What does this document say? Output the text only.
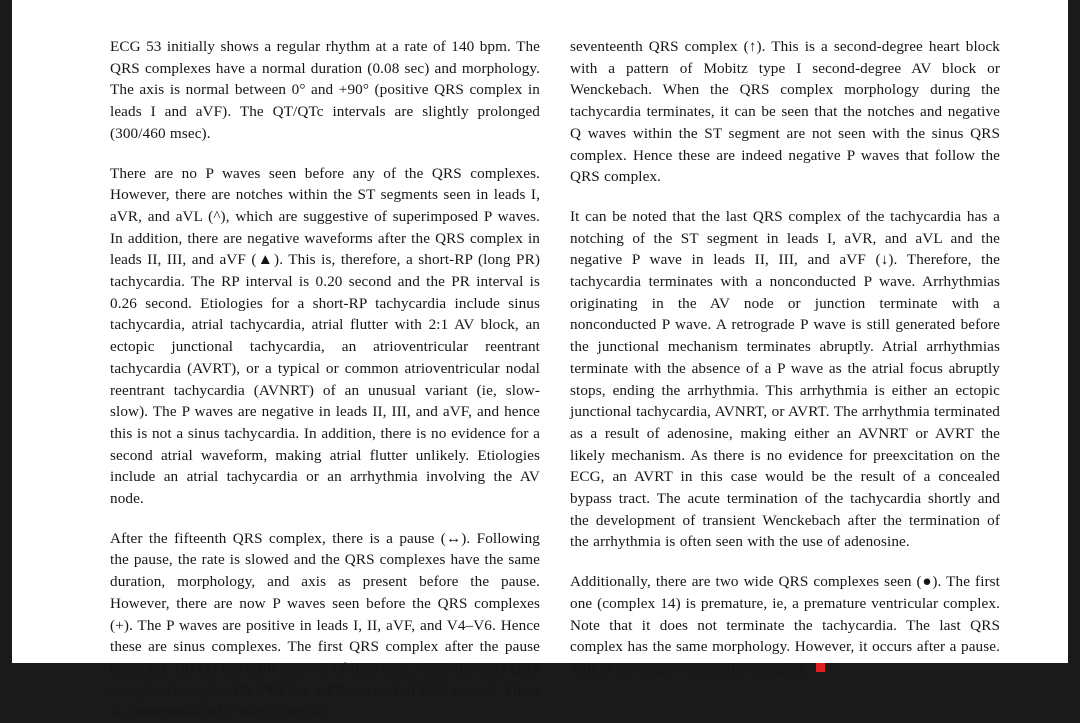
ECG 53 initially shows a regular rhythm at a rate of 140 bpm. The QRS complexes have a normal duration (0.08 sec) and morphology. The axis is normal between 0° and +90° (positive QRS complex in leads I and aVF). The QT/QTc intervals are slightly prolonged (300/460 msec).

There are no P waves seen before any of the QRS complexes. However, there are notches within the ST segments seen in leads I, aVR, and aVL (^), which are suggestive of superimposed P waves. In addition, there are negative waveforms after the QRS complex in leads II, III, and aVF (▲). This is, therefore, a short-RP (long PR) tachycardia. The RP interval is 0.20 second and the PR interval is 0.26 second. Etiologies for a short-RP tachycardia include sinus tachycardia, atrial tachycardia, atrial flutter with 2:1 AV block, an ectopic junctional tachycardia, an atrioventricular reentrant tachycardia (AVRT), or a typical or common atrioventricular nodal reentrant tachycardia (AVNRT) of an unusual variant (ie, slow-slow). The P waves are negative in leads II, III, and aVF, and hence this is not a sinus tachycardia. In addition, there is no evidence for a second atrial waveform, making atrial flutter unlikely. Etiologies include an atrial tachycardia or an arrhythmia involving the AV node.

After the fifteenth QRS complex, there is a pause (↔). Following the pause, the rate is slowed and the QRS complexes have the same duration, morphology, and axis as present before the pause. However, there are now P waves seen before the QRS complexes (+). The P waves are positive in leads I, II, aVF, and V4–V6. Hence these are sinus complexes. The first QRS complex after the pause (complex 16) (*) has a PR interval of 0.20 sec), while the next QRS complex (complex 17) (▼) has a PR interval of 0.32 second. There is a nonconducted P wave after the

seventeenth QRS complex (↑). This is a second-degree heart block with a pattern of Mobitz type I second-degree AV block or Wenckebach. When the QRS complex morphology during the tachycardia terminates, it can be seen that the notches and negative Q waves within the ST segment are not seen with the sinus QRS complex. Hence these are indeed negative P waves that follow the QRS complex.

It can be noted that the last QRS complex of the tachycardia has a notching of the ST segment in leads I, aVR, and aVL and the negative P wave in leads II, III, and aVF (↓). Therefore, the tachycardia terminates with a nonconducted P wave. Arrhythmias originating in the AV node or junction terminate with a nonconducted P wave. A retrograde P wave is still generated before the junctional mechanism terminates abruptly. Atrial arrhythmias terminate with the absence of a P wave as the atrial focus abruptly stops, ending the arrhythmia. This arrhythmia is either an ectopic junctional tachycardia, AVNRT, or AVRT. The arrhythmia terminated as a result of adenosine, making either an AVNRT or AVRT the likely mechanism. As there is no evidence for preexcitation on the ECG, an AVRT in this case would be the result of a concealed bypass tract. The acute termination of the tachycardia shortly and the development of transient Wenckebach after the termination of the arrhythmia is often seen with the use of adenosine.

Additionally, there are two wide QRS complexes seen (●). The first one (complex 14) is premature, ie, a premature ventricular complex. Note that it does not terminate the tachycardia. The last QRS complex has the same morphology. However, it occurs after a pause. This is an escape ventricular complex.
